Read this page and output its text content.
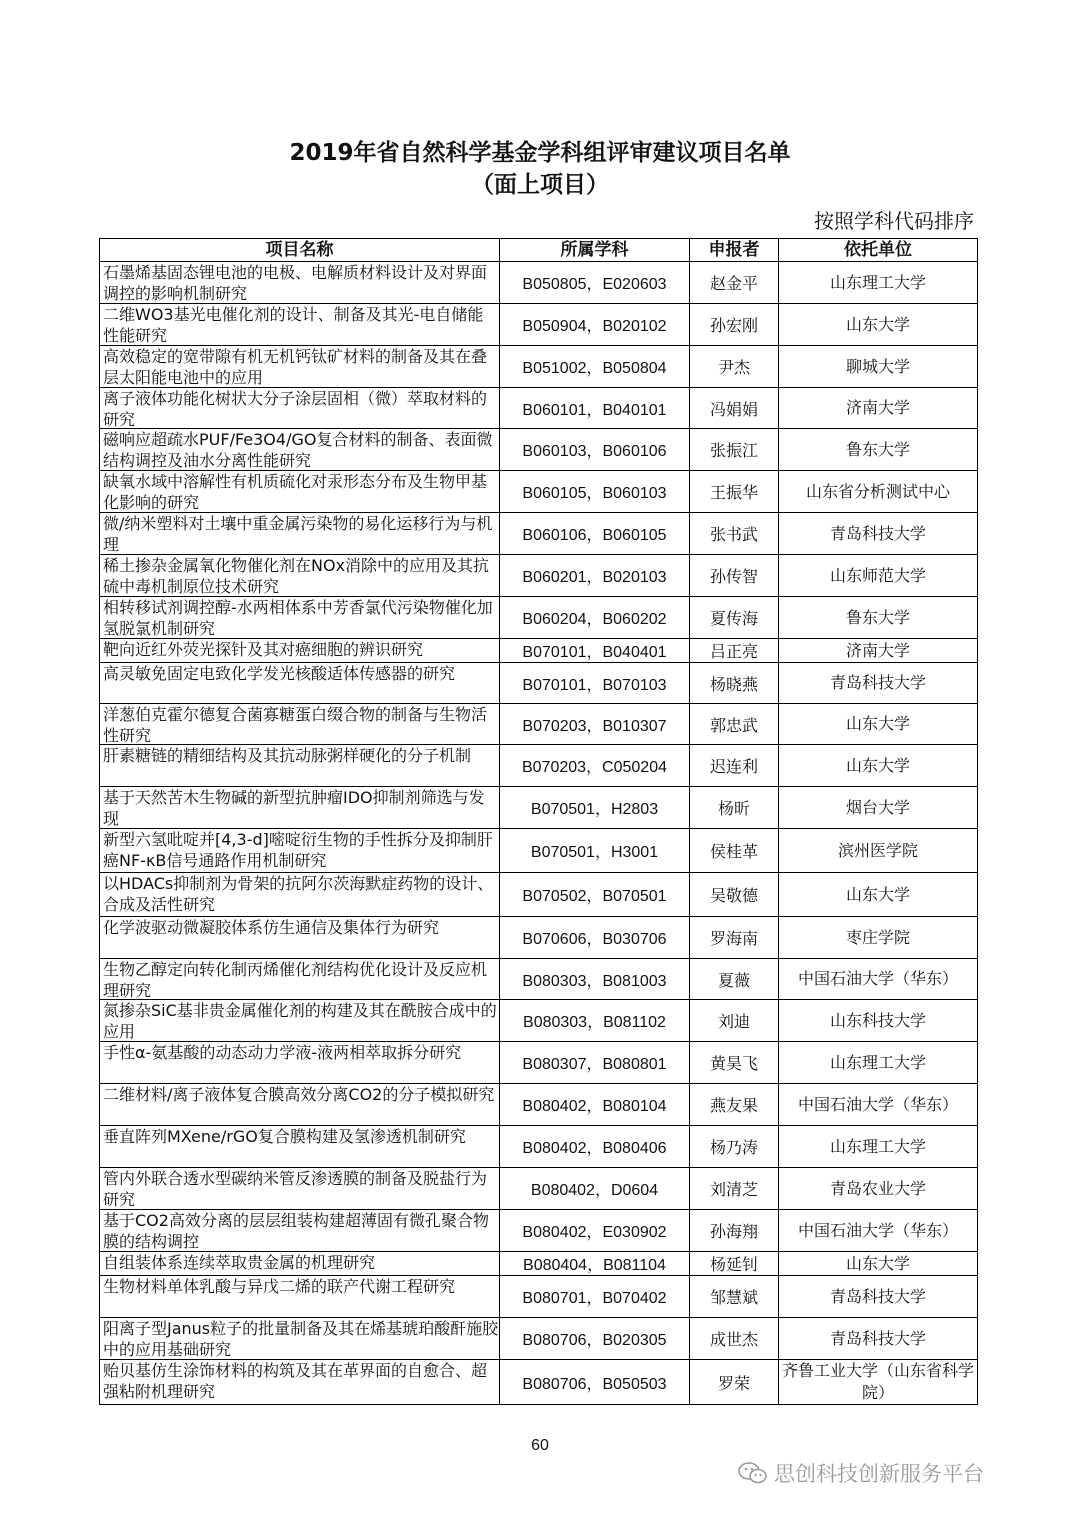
2019年省自然科学基金学科组评审建议项目名单
（面上项目）
按照学科代码排序
项目名称	所属学科	申报者	依托单位

石墨烯基固态锂电池的电极、电解质材料设计及对界面调控的影响机制研究	B050805，E020603	赵金平	山东理工大学

二维WO3基光电催化剂的设计、制备及其光-电自储能性能研究	B050904，B020102	孙宏刚	山东大学

高效稳定的宽带隙有机无机钙钛矿材料的制备及其在叠层太阳能电池中的应用	B051002，B050804	尹杰	聊城大学

离子液体功能化树状大分子涂层固相（微）萃取材料的研究	B060101，B040101	冯娟娟	济南大学

磁响应超疏水PUF/Fe3O4/GO复合材料的制备、表面微结构调控及油水分离性能研究	B060103，B060106	张振江	鲁东大学

缺氧水域中溶解性有机质硫化对汞形态分布及生物甲基化影响的研究	B060105，B060103	王振华	山东省分析测试中心

微/纳米塑料对土壤中重金属污染物的易化运移行为与机理	B060106，B060105	张书武	青岛科技大学

稀土掺杂金属氧化物催化剂在NOx消除中的应用及其抗硫中毒机制原位技术研究	B060201，B020103	孙传智	山东师范大学

相转移试剂调控醇-水两相体系中芳香氯代污染物催化加氢脱氯机制研究	B060204，B060202	夏传海	鲁东大学

靶向近红外荧光探针及其对癌细胞的辨识研究	B070101，B040401	吕正亮	济南大学

高灵敏免固定电致化学发光核酸适体传感器的研究	B070101，B070103	杨晓燕	青岛科技大学

洋葱伯克霍尔德复合菌寡糖蛋白缀合物的制备与生物活性研究	B070203，B010307	郭忠武	山东大学

肝素糖链的精细结构及其抗动脉粥样硬化的分子机制	B070203，C050204	迟连利	山东大学

基于天然苦木生物碱的新型抗肿瘤IDO抑制剂筛选与发现	B070501，H2803	杨昕	烟台大学

新型六氢吡啶并[4,3-d]嘧啶衍生物的手性拆分及抑制肝癌NF-κB信号通路作用机制研究	B070501，H3001	侯桂革	滨州医学院

以HDACs抑制剂为骨架的抗阿尔茨海默症药物的设计、合成及活性研究	B070502，B070501	吴敬德	山东大学

化学波驱动微凝胶体系仿生通信及集体行为研究	B070606，B030706	罗海南	枣庄学院

生物乙醇定向转化制丙烯催化剂结构优化设计及反应机理研究	B080303，B081003	夏薇	中国石油大学（华东）

氮掺杂SiC基非贵金属催化剂的构建及其在酰胺合成中的应用	B080303，B081102	刘迪	山东科技大学

手性α-氨基酸的动态动力学液-液两相萃取拆分研究	B080307，B080801	黄昊飞	山东理工大学

二维材料/离子液体复合膜高效分离CO2的分子模拟研究	B080402，B080104	燕友果	中国石油大学（华东）

垂直阵列MXene/rGO复合膜构建及氢渗透机制研究	B080402，B080406	杨乃涛	山东理工大学

管内外联合透水型碳纳米管反渗透膜的制备及脱盐行为研究	B080402，D0604	刘清芝	青岛农业大学

基于CO2高效分离的层层组装构建超薄固有微孔聚合物膜的结构调控	B080402，E030902	孙海翔	中国石油大学（华东）

自组装体系连续萃取贵金属的机理研究	B080404，B081104	杨延钊	山东大学

生物材料单体乳酸与异戊二烯的联产代谢工程研究	B080701，B070402	邹慧斌	青岛科技大学

阳离子型Janus粒子的批量制备及其在烯基琥珀酸酐施胶中的应用基础研究	B080706，B020305	成世杰	青岛科技大学

贻贝基仿生涂饰材料的构筑及其在革界面的自愈合、超强粘附机理研究	B080706，B050503	罗荣	齐鲁工业大学（山东省科学院）
60
思创科技创新服务平台
